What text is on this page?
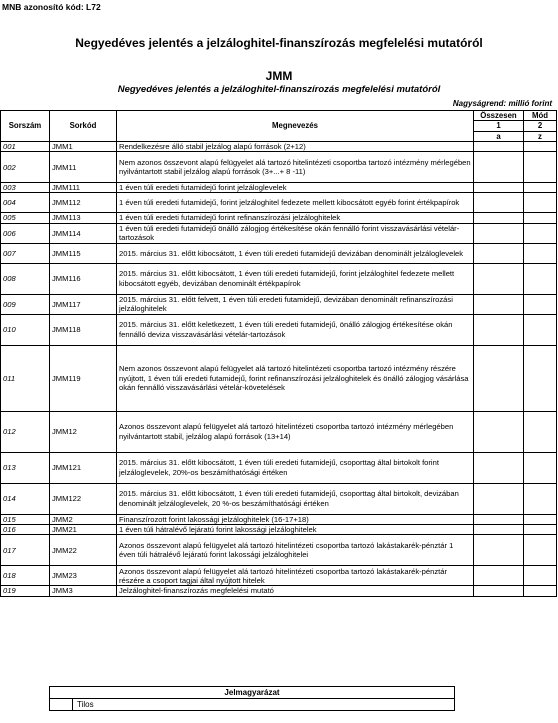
MNB azonosító kód: L72
Negyedéves jelentés a jelzáloghitel-finanszírozás megfelelési mutatóról
JMM
Negyedéves jelentés a jelzáloghitel-finanszírozás megfelelési mutatóról
Nagyságrend: millió forint
Sorszám	Sorkód	Megnevezés	Összesen	Mód
			1	2
			a	z
001	JMM1	Rendelkezésre álló stabil jelzálog alapú források (2+12)		
002	JMM11	Nem azonos összevont alapú felügyelet alá tartozó hitelintézeti csoportba tartozó intézmény mérlegében nyilvántartott stabil jelzálog alapú források (3+...+ 8 -11)		
003	JMM111	1 éven túli eredeti futamidejű forint jelzáloglevelek		
004	JMM112	1 éven túli eredeti futamidejű, forint jelzáloghitel fedezete mellett kibocsátott egyéb forint értékpapírok		
005	JMM113	1 éven túli eredeti futamidejű forint refinanszírozási jelzáloghitelek		
006	JMM114	1 éven túli eredeti futamidejű önálló zálogjog értékesítése okán fennálló forint visszavásárlási vételár-tartozások		
007	JMM115	2015. március 31. előtt kibocsátott, 1 éven túli eredeti futamidejű devizában denominált jelzáloglevelek		
008	JMM116	2015. március 31. előtt kibocsátott, 1 éven túli eredeti futamidejű, forint jelzáloghitel fedezete mellett kibocsátott egyéb, devizában denominált értékpapírok		
009	JMM117	2015. március 31. előtt felvett, 1 éven túli eredeti futamidejű, devizában denominált refinanszírozási jelzáloghitelek		
010	JMM118	2015. március 31. előtt keletkezett, 1 éven túli eredeti futamidejű, önálló zálogjog értékesítése okán fennálló deviza visszavásárlási vételár-tartozások		
011	JMM119	Nem azonos összevont alapú felügyelet alá tartozó hitelintézeti csoportba tartozó intézmény részére nyújtott, 1 éven túli eredeti futamidejű, forint refinanszírozási jelzáloghitelek és önálló zálogjog vásárlása okán fennálló visszavásárlási vételár-követelések		
012	JMM12	Azonos összevont alapú felügyelet alá tartozó hitelintézeti csoportba tartozó intézmény mérlegében nyilvántartott stabil, jelzálog alapú források (13+14)		
013	JMM121	2015. március 31. előtt kibocsátott, 1 éven túli eredeti futamidejű, csoporttag által birtokolt forint jelzáloglevelek, 20%-os beszámíthatósági értéken		
014	JMM122	2015. március 31. előtt kibocsátott, 1 éven túli eredeti futamidejű, csoporttag által birtokolt, devizában denominált jelzáloglevelek, 20 %-os beszámíthatósági értéken		
015	JMM2	Finanszírozott forint lakossági jelzáloghitelek (16-17+18)		
016	JMM21	1 éven túli hátralévő lejáratú forint lakossági jelzáloghitelek		
017	JMM22	Azonos összevont alapú felügyelet alá tartozó hitelintézeti csoportba tartozó lakástakarék-pénztár 1 éven túli hátralévő lejáratú forint lakossági jelzáloghitelei		
018	JMM23	Azonos összevont alapú felügyelet alá tartozó hitelintézeti csoportba tartozó lakástakarék-pénztár részére a csoport tagjai által nyújtott hitelek		
019	JMM3	Jelzáloghitel-finanszírozás megfelelési mutató		
Jelmagyarázat
	Tilos
